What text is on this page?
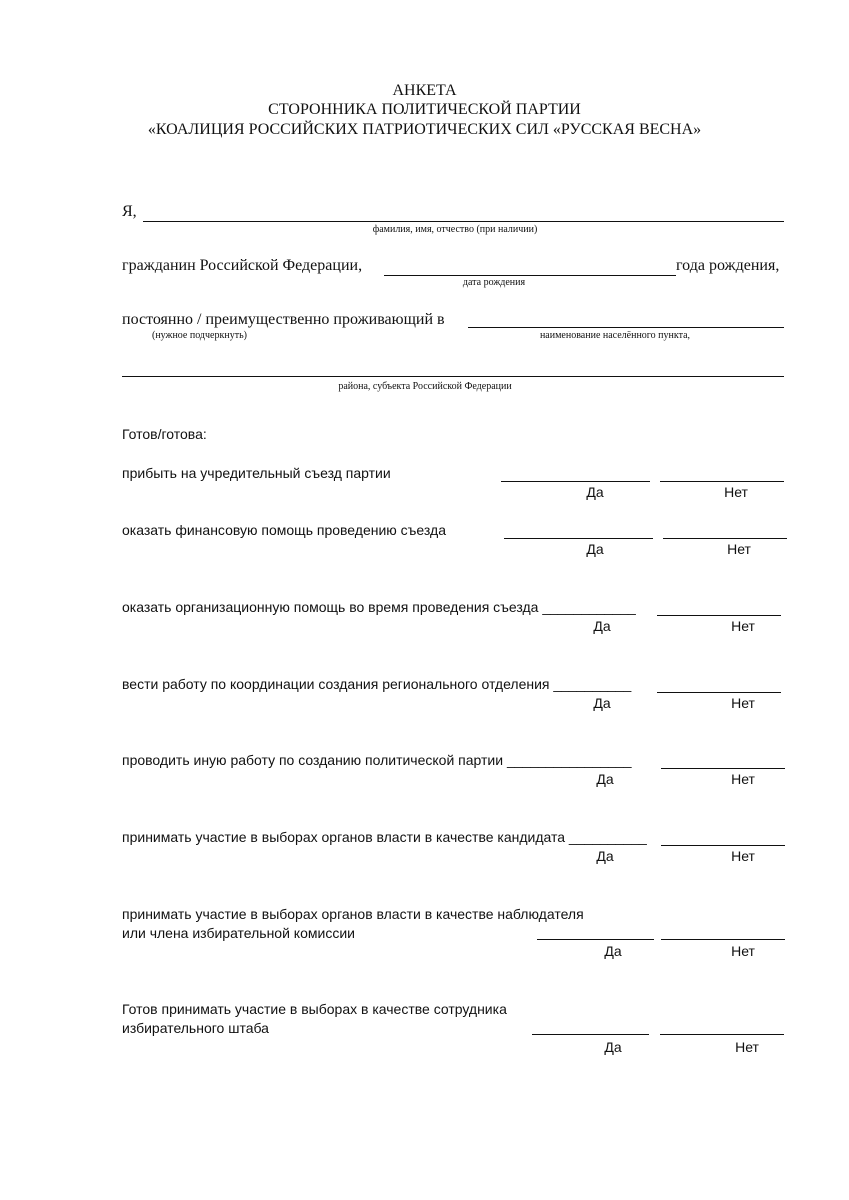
АНКЕТА
СТОРОННИКА ПОЛИТИЧЕСКОЙ ПАРТИИ
«КОАЛИЦИЯ РОССИЙСКИХ ПАТРИОТИЧЕСКИХ СИЛ «РУССКАЯ ВЕСНА»
Я,
фамилия, имя, отчество (при наличии)
гражданин Российской Федерации,	года рождения,
дата рождения
постоянно / преимущественно проживающий в
(нужное подчеркнуть)	наименование населённого пункта,
района, субъекта Российской Федерации
Готов/готова:
прибыть на учредительный съезд партии
Да	Нет
оказать финансовую помощь проведению съезда
Да	Нет
оказать организационную помощь во время проведения съезда ____________
Да	Нет
вести работу по координации создания регионального отделения __________
Да	Нет
проводить иную работу по созданию политической партии ________________
Да	Нет
принимать участие в выборах органов власти в качестве кандидата __________
Да	Нет
принимать участие в выборах органов власти в качестве наблюдателя
или члена избирательной комиссии
Да	Нет
Готов принимать участие в выборах в качестве сотрудника
избирательного штаба
Да	Нет
